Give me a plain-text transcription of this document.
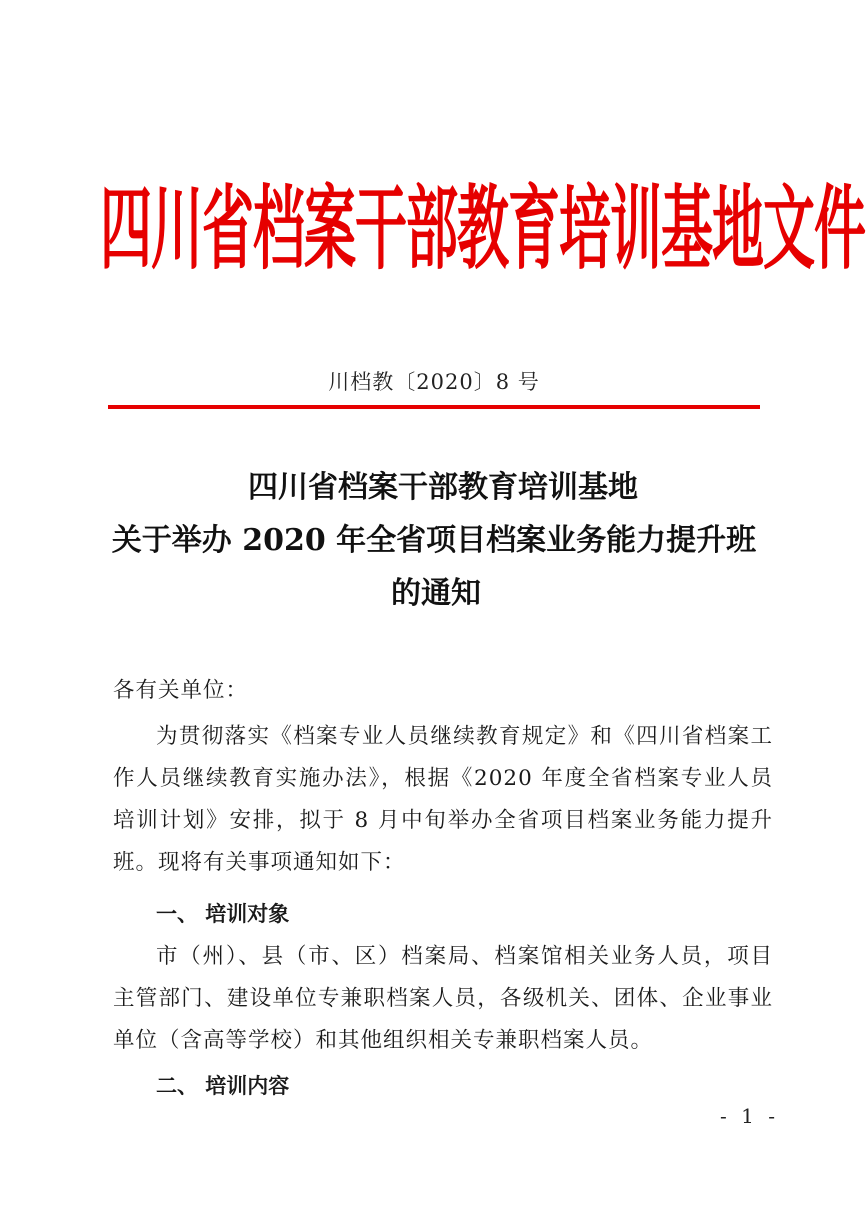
四川省档案干部教育培训基地文件
川档教〔2020〕8 号
四川省档案干部教育培训基地
关于举办 2020 年全省项目档案业务能力提升班
的通知
各有关单位：
为贯彻落实《档案专业人员继续教育规定》和《四川省档案工作人员继续教育实施办法》，根据《2020 年度全省档案专业人员培训计划》安排，拟于 8 月中旬举办全省项目档案业务能力提升班。现将有关事项通知如下：
一、 培训对象
市（州）、县（市、区）档案局、档案馆相关业务人员，项目主管部门、建设单位专兼职档案人员，各级机关、团体、企业事业单位（含高等学校）和其他组织相关专兼职档案人员。
二、 培训内容
- 1 -
